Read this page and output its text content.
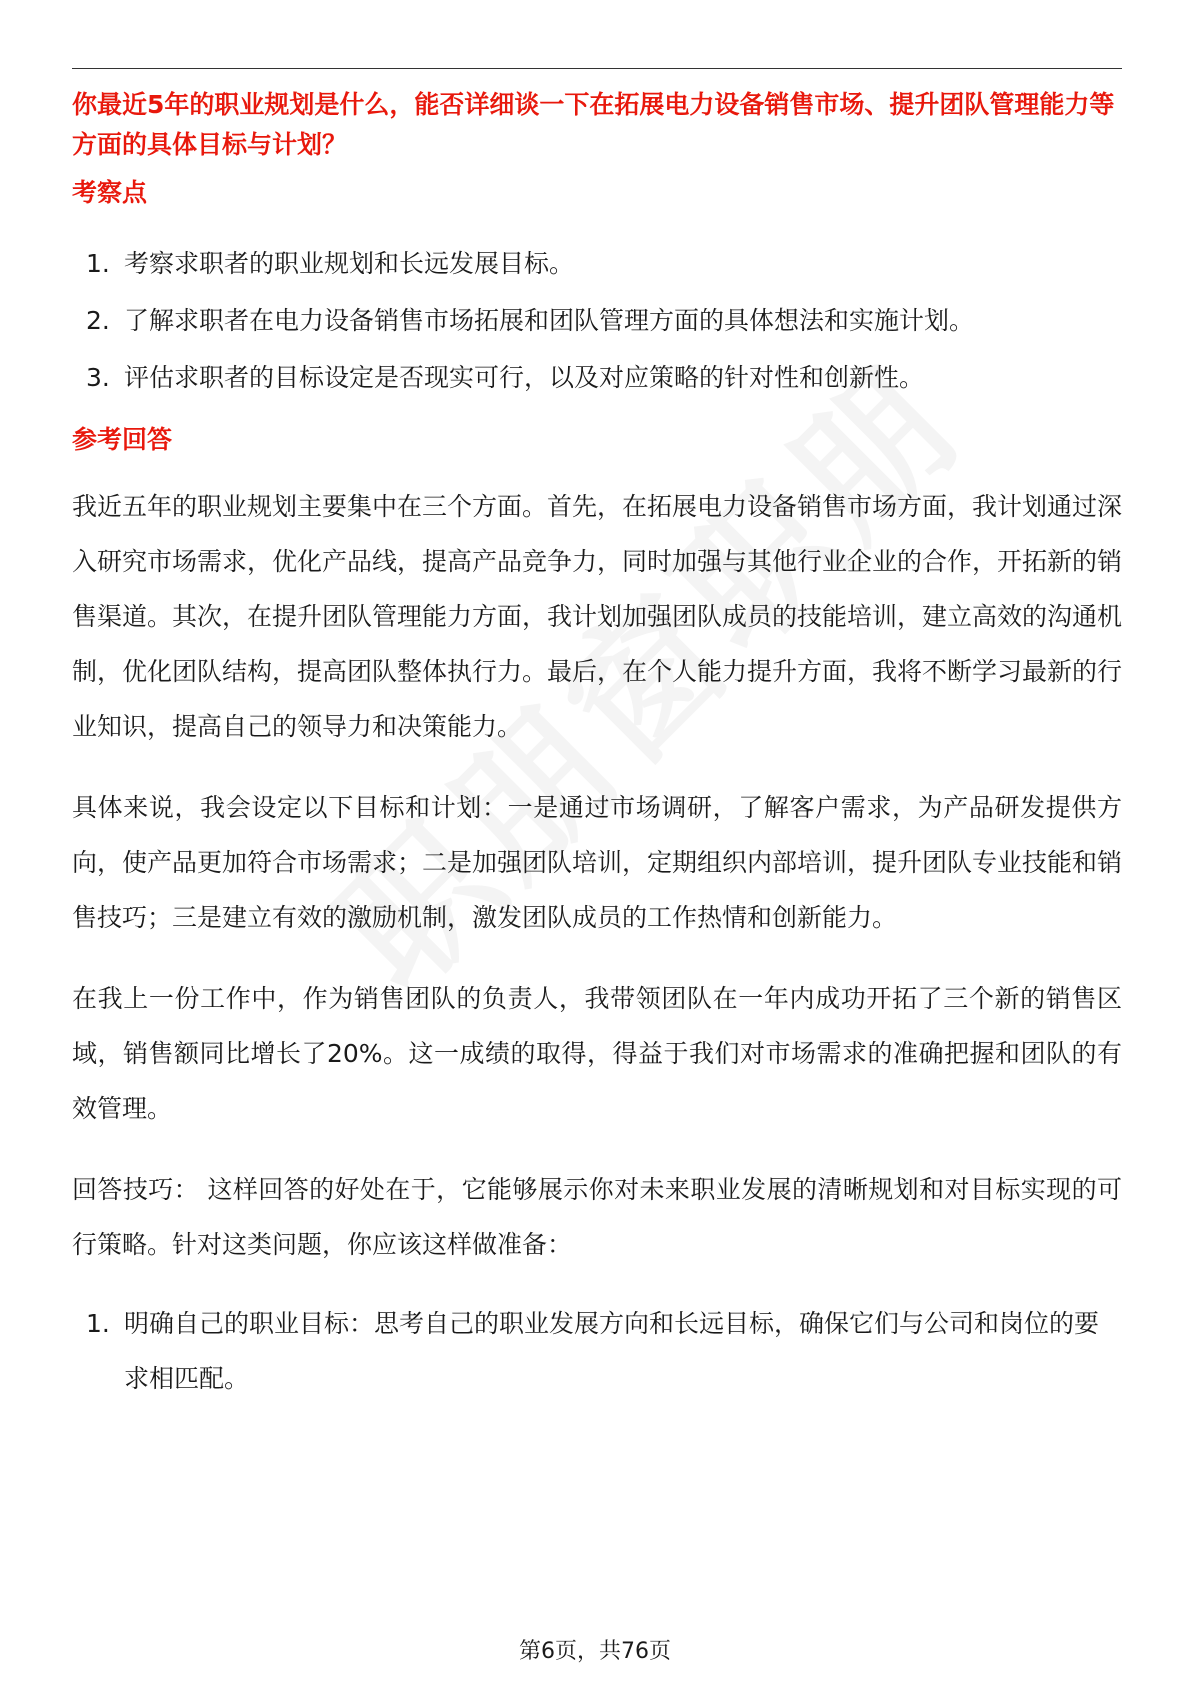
你最近5年的职业规划是什么，能否详细谈一下在拓展电力设备销售市场、提升团队管理能力等方面的具体目标与计划？
考察点
1. 考察求职者的职业规划和长远发展目标。
2. 了解求职者在电力设备销售市场拓展和团队管理方面的具体想法和实施计划。
3. 评估求职者的目标设定是否现实可行，以及对应策略的针对性和创新性。
参考回答

我近五年的职业规划主要集中在三个方面。首先，在拓展电力设备销售市场方面，我计划通过深入研究市场需求，优化产品线，提高产品竞争力，同时加强与其他行业企业的合作，开拓新的销售渠道。其次，在提升团队管理能力方面，我计划加强团队成员的技能培训，建立高效的沟通机制，优化团队结构，提高团队整体执行力。最后，在个人能力提升方面，我将不断学习最新的行业知识，提高自己的领导力和决策能力。

具体来说，我会设定以下目标和计划：一是通过市场调研，了解客户需求，为产品研发提供方向，使产品更加符合市场需求；二是加强团队培训，定期组织内部培训，提升团队专业技能和销售技巧；三是建立有效的激励机制，激发团队成员的工作热情和创新能力。

在我上一份工作中，作为销售团队的负责人，我带领团队在一年内成功开拓了三个新的销售区域，销售额同比增长了20%。这一成绩的取得，得益于我们对市场需求的准确把握和团队的有效管理。

回答技巧： 这样回答的好处在于，它能够展示你对未来职业发展的清晰规划和对目标实现的可行策略。针对这类问题，你应该这样做准备：

1. 明确自己的职业目标：思考自己的职业发展方向和长远目标，确保它们与公司和岗位的要求相匹配。
第6页，共76页
